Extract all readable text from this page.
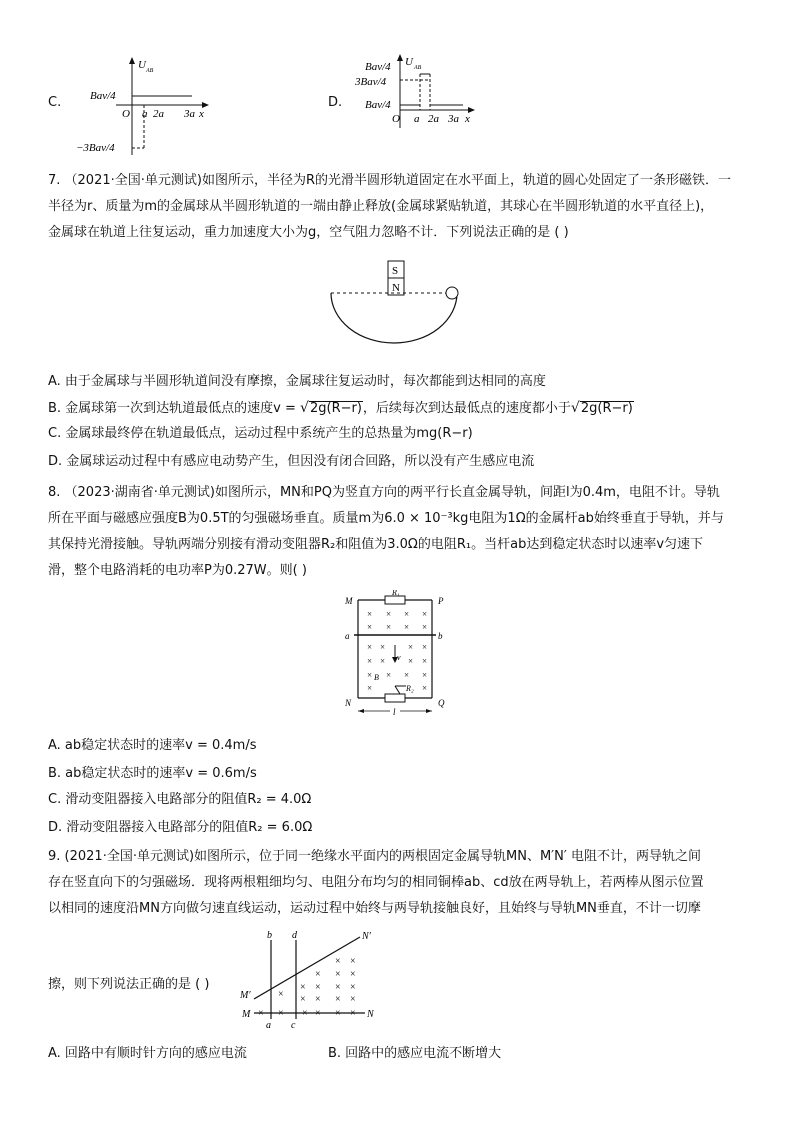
C.
U AB
Bav/4
−3Bav/4
O a 2a 3a x
D.
U AB
Bav/4
3Bav/4
Bav/4
O a 2a 3a x
7. （2021·全国·单元测试)如图所示，半径为R的光滑半圆形轨道固定在水平面上，轨道的圆心处固定了一条形磁铁．一
半径为r、质量为m的金属球从半圆形轨道的一端由静止释放(金属球紧贴轨道，其球心在半圆形轨道的水平直径上)，
金属球在轨道上往复运动，重力加速度大小为g，空气阻力忽略不计．下列说法正确的是 ( )
S
N
A. 由于金属球与半圆形轨道间没有摩擦，金属球往复运动时，每次都能到达相同的高度
B. 金属球第一次到达轨道最低点的速度v = √2g(R−r)，后续每次到达最低点的速度都小于√2g(R−r)
C. 金属球最终停在轨道最低点，运动过程中系统产生的总热量为mg(R−r)
D. 金属球运动过程中有感应电动势产生，但因没有闭合回路，所以没有产生感应电流
8. （2023·湖南省·单元测试)如图所示，MN和PQ为竖直方向的两平行长直金属导轨，间距l为0.4m，电阻不计。导轨
所在平面与磁感应强度B为0.5T的匀强磁场垂直。质量m为6.0 × 10⁻³kg电阻为1Ω的金属杆ab始终垂直于导轨，并与
其保持光滑接触。导轨两端分别接有滑动变阻器R₂和阻值为3.0Ω的电阻R₁。当杆ab达到稳定状态时以速率v匀速下
滑，整个电路消耗的电功率P为0.27W。则( )
M	P
R₁
a	b
N	Q
R₂
B
v
l
× × × ×
× × × ×
× ×	× ×
× ×	× ×
× × × ×
×	×
A. ab稳定状态时的速率v = 0.4m/s
B. ab稳定状态时的速率v = 0.6m/s
C. 滑动变阻器接入电路部分的阻值R₂ = 4.0Ω
D. 滑动变阻器接入电路部分的阻值R₂ = 6.0Ω
9. (2021·全国·单元测试)如图所示，位于同一绝缘水平面内的两根固定金属导轨MN、M′N′ 电阻不计，两导轨之间
存在竖直向下的匀强磁场．现将两根粗细均匀、电阻分布均匀的相同铜棒ab、cd放在两导轨上，若两棒从图示位置
以相同的速度沿MN方向做匀速直线运动，运动过程中始终与两导轨接触良好，且始终与导轨MN垂直，不计一切摩
擦，则下列说法正确的是 ( )
b d	N′
M′
M
a c
N
× ×
× × ×
× × × ×
× × × × ×
× × × × × ×
A. 回路中有顺时针方向的感应电流	B. 回路中的感应电流不断增大
